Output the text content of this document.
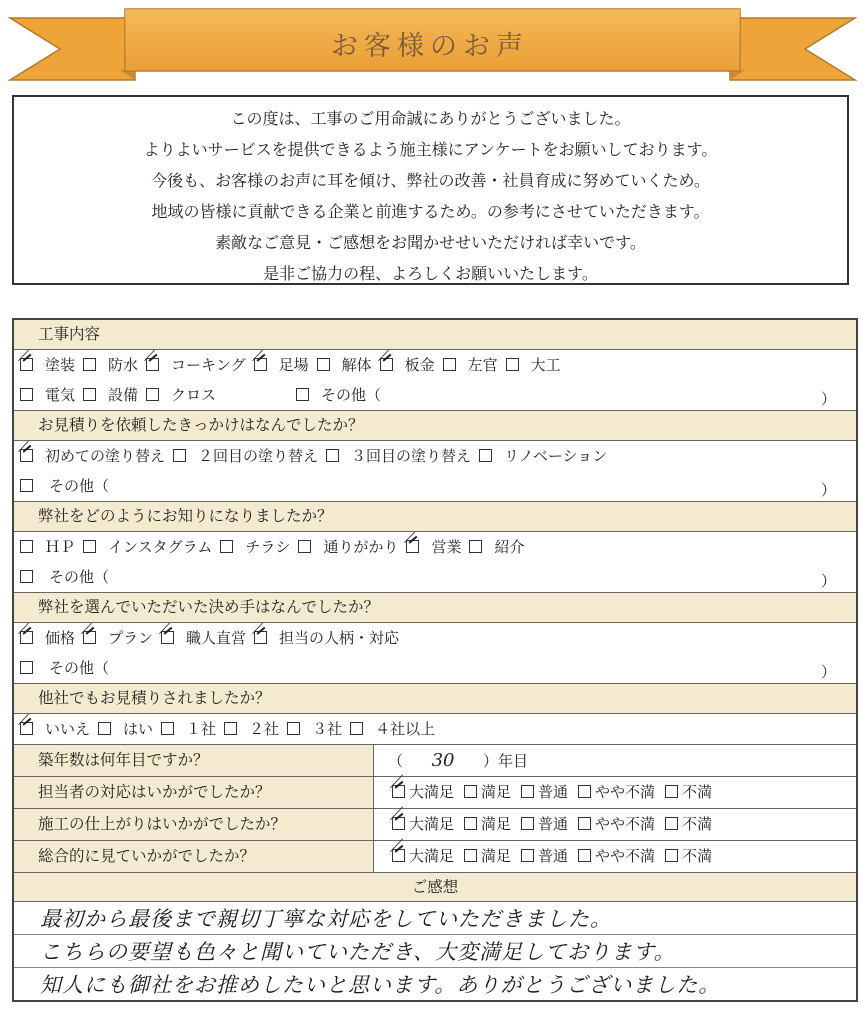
お客様のお声
この度は、工事のご用命誠にありがとうございました。
よりよいサービスを提供できるよう施主様にアンケートをお願いしております。
今後も、お客様のお声に耳を傾け、弊社の改善・社員育成に努めていくため。
地域の皆様に貢献できる企業と前進するため。の参考にさせていただきます。
素敵なご意見・ご感想をお聞かせせいただければ幸いです。
是非ご協力の程、よろしくお願いいたします。
工事内容
塗装 防水 コーキング 足場 解体 板金 左官 大工
電気 設備 クロス	その他（	）
お見積りを依頼したきっかけはなんでしたか？
初めての塗り替え ２回目の塗り替え ３回目の塗り替え リノベーション
その他（	）
弊社をどのようにお知りになりましたか？
ＨＰ インスタグラム チラシ 通りがかり 営業 紹介
その他（	）
弊社を選んでいただいた決め手はなんでしたか？
価格 プラン 職人直営 担当の人柄・対応
その他（	）
他社でもお見積りされましたか？
いいえ はい １社 ２社 ３社 ４社以上
築年数は何年目ですか？	（ 30 ）年目
担当者の対応はいかがでしたか？	大満足 満足 普通 やや不満 不満
施工の仕上がりはいかがでしたか？	大満足 満足 普通 やや不満 不満
総合的に見ていかがでしたか？	大満足 満足 普通 やや不満 不満
ご感想
最初から最後まで親切丁寧な対応をしていただきました。
こちらの要望も色々と聞いていただき、大変満足しております。
知人にも御社をお推めしたいと思います。ありがとうございました。
